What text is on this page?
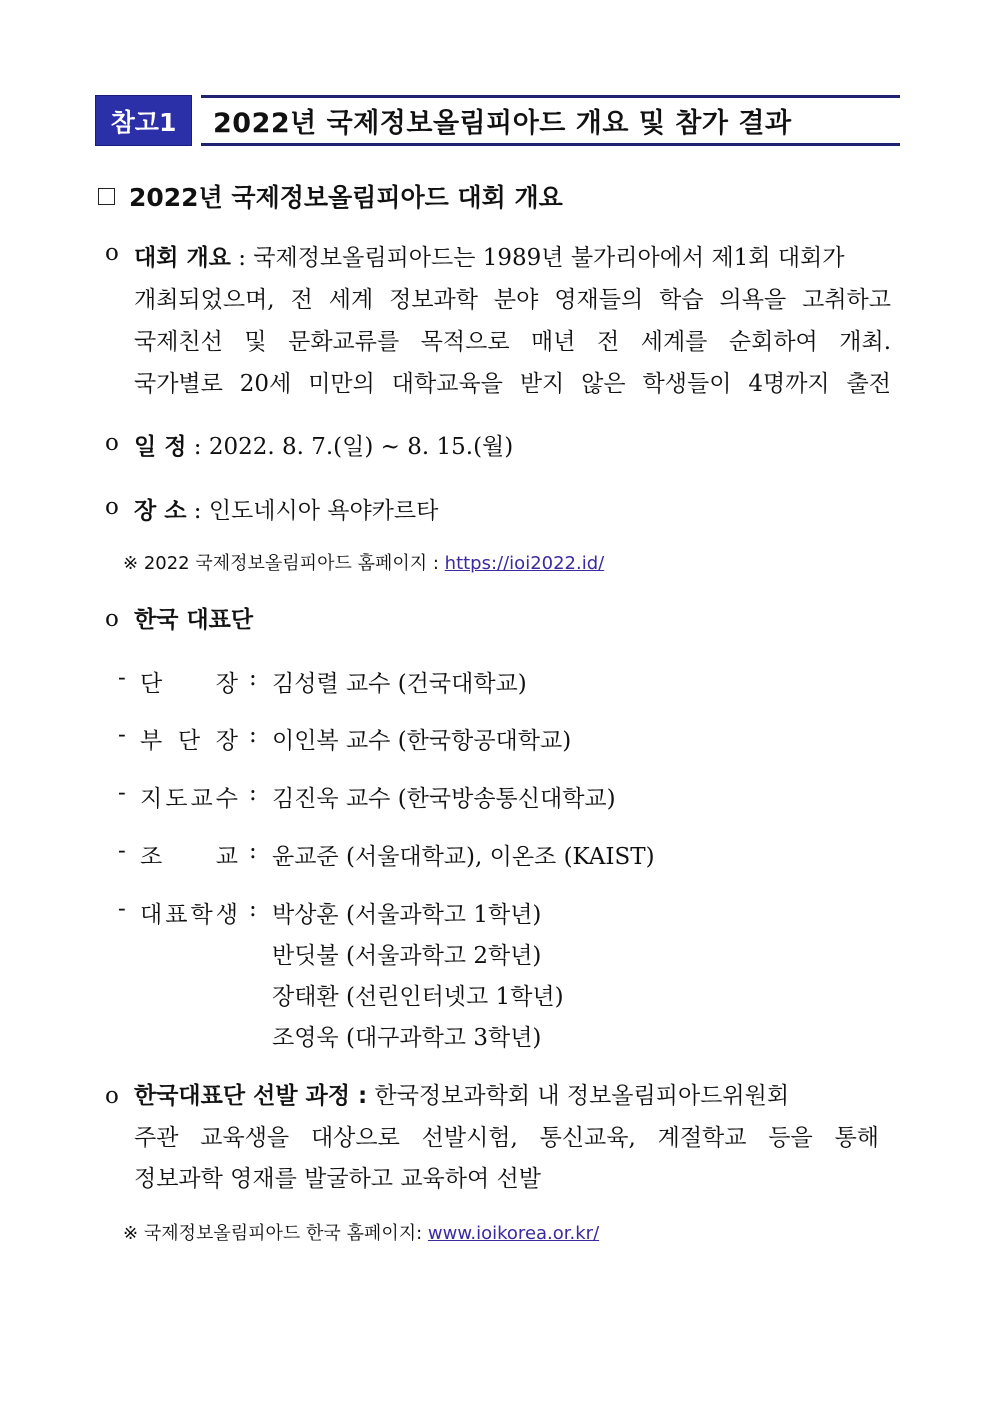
참고1	2022년 국제정보올림피아드 개요 및 참가 결과
2022년 국제정보올림피아드 대회 개요
o 대회 개요 : 국제정보올림피아드는 1989년 불가리아에서 제1회 대회가
개최되었으며, 전 세계 정보과학 분야 영재들의 학습 의욕을 고취하고
국제친선 및 문화교류를 목적으로 매년 전 세계를 순회하여 개최.
국가별로 20세 미만의 대학교육을 받지 않은 학생들이 4명까지 출전
o 일 정 : 2022. 8. 7.(일) ~ 8. 15.(월)
o 장 소 : 인도네시아 욕야카르타
※ 2022 국제정보올림피아드 홈페이지 : https://ioi2022.id/
o 한국 대표단
- 단 장 : 김성렬 교수 (건국대학교)
- 부 단 장 : 이인복 교수 (한국항공대학교)
- 지 도 교 수 : 김진욱 교수 (한국방송통신대학교)
- 조 교 : 윤교준 (서울대학교), 이온조 (KAIST)
- 대 표 학 생 : 박상훈 (서울과학고 1학년)
반딧불 (서울과학고 2학년)
장태환 (선린인터넷고 1학년)
조영욱 (대구과학고 3학년)
o 한국대표단 선발 과정 : 한국정보과학회 내 정보올림피아드위원회
주관 교육생을 대상으로 선발시험, 통신교육, 계절학교 등을 통해
정보과학 영재를 발굴하고 교육하여 선발
※ 국제정보올림피아드 한국 홈페이지: www.ioikorea.or.kr/
